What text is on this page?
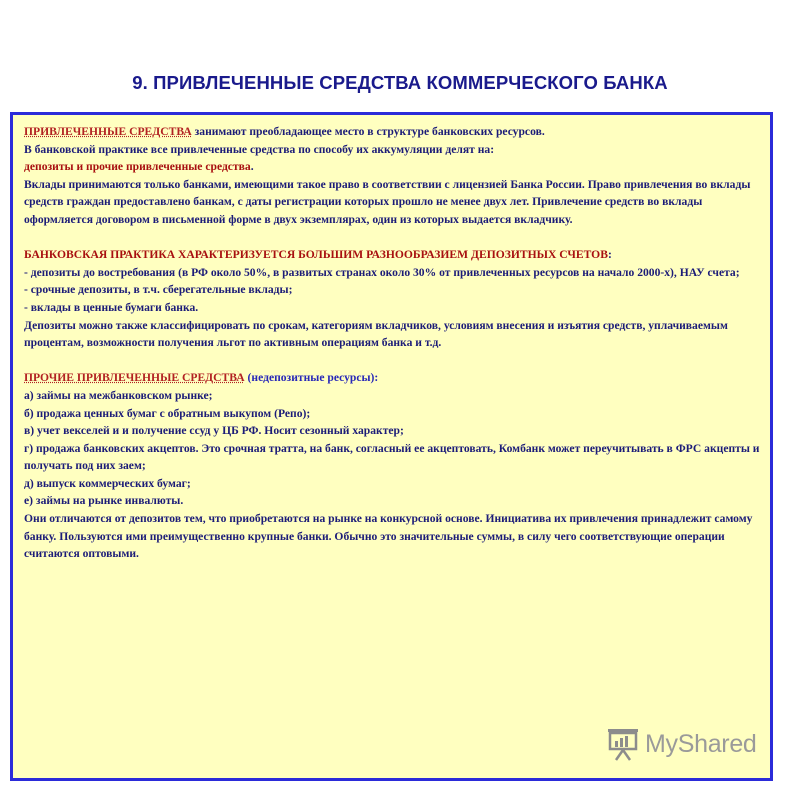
9. ПРИВЛЕЧЕННЫЕ СРЕДСТВА КОММЕРЧЕСКОГО БАНКА

ПРИВЛЕЧЕННЫЕ СРЕДСТВА занимают преобладающее место в структуре банковских ресурсов.

В банковской практике все привлеченные средства по способу их аккумуляции делят на:

депозиты и прочие привлеченные средства.

Вклады принимаются только банками, имеющими такое право в соответствии с лицензией Банка России. Право привлечения во вклады средств граждан предоставлено банкам, с даты регистрации которых прошло не менее двух лет. Привлечение средств во вклады оформляется договором в письменной форме в двух экземплярах, один из которых выдается вкладчику.

БАНКОВСКАЯ ПРАКТИКА ХАРАКТЕРИЗУЕТСЯ БОЛЬШИМ РАЗНООБРАЗИЕМ ДЕПОЗИТНЫХ СЧЕТОВ:

- депозиты до востребования (в РФ около 50%, в развитых странах около 30% от привлеченных ресурсов на начало 2000-х), НАУ счета;

- срочные депозиты, в т.ч. сберегательные вклады;

- вклады в ценные бумаги банка.

Депозиты можно также классифицировать по срокам, категориям вкладчиков, условиям внесения и изъятия средств, уплачиваемым процентам, возможности получения льгот по активным операциям банка и т.д.

ПРОЧИЕ ПРИВЛЕЧЕННЫЕ СРЕДСТВА (недепозитные ресурсы):

а) займы на межбанковском рынке;

б) продажа ценных бумаг с обратным выкупом (Репо);

в) учет векселей и и получение ссуд у ЦБ РФ. Носит сезонный характер;

г) продажа банковских акцептов. Это срочная тратта, на банк, согласный ее акцептовать, Комбанк может переучитывать в ФРС акцепты и получать под них заем;

д) выпуск коммерческих бумаг;

е) займы на рынке инвалюты.

Они отличаются от депозитов тем, что приобретаются на рынке на конкурсной основе. Инициатива их привлечения принадлежит самому банку. Пользуются ими преимущественно крупные банки. Обычно это значительные суммы, в силу чего соответствующие операции считаются оптовыми.

MyShared
